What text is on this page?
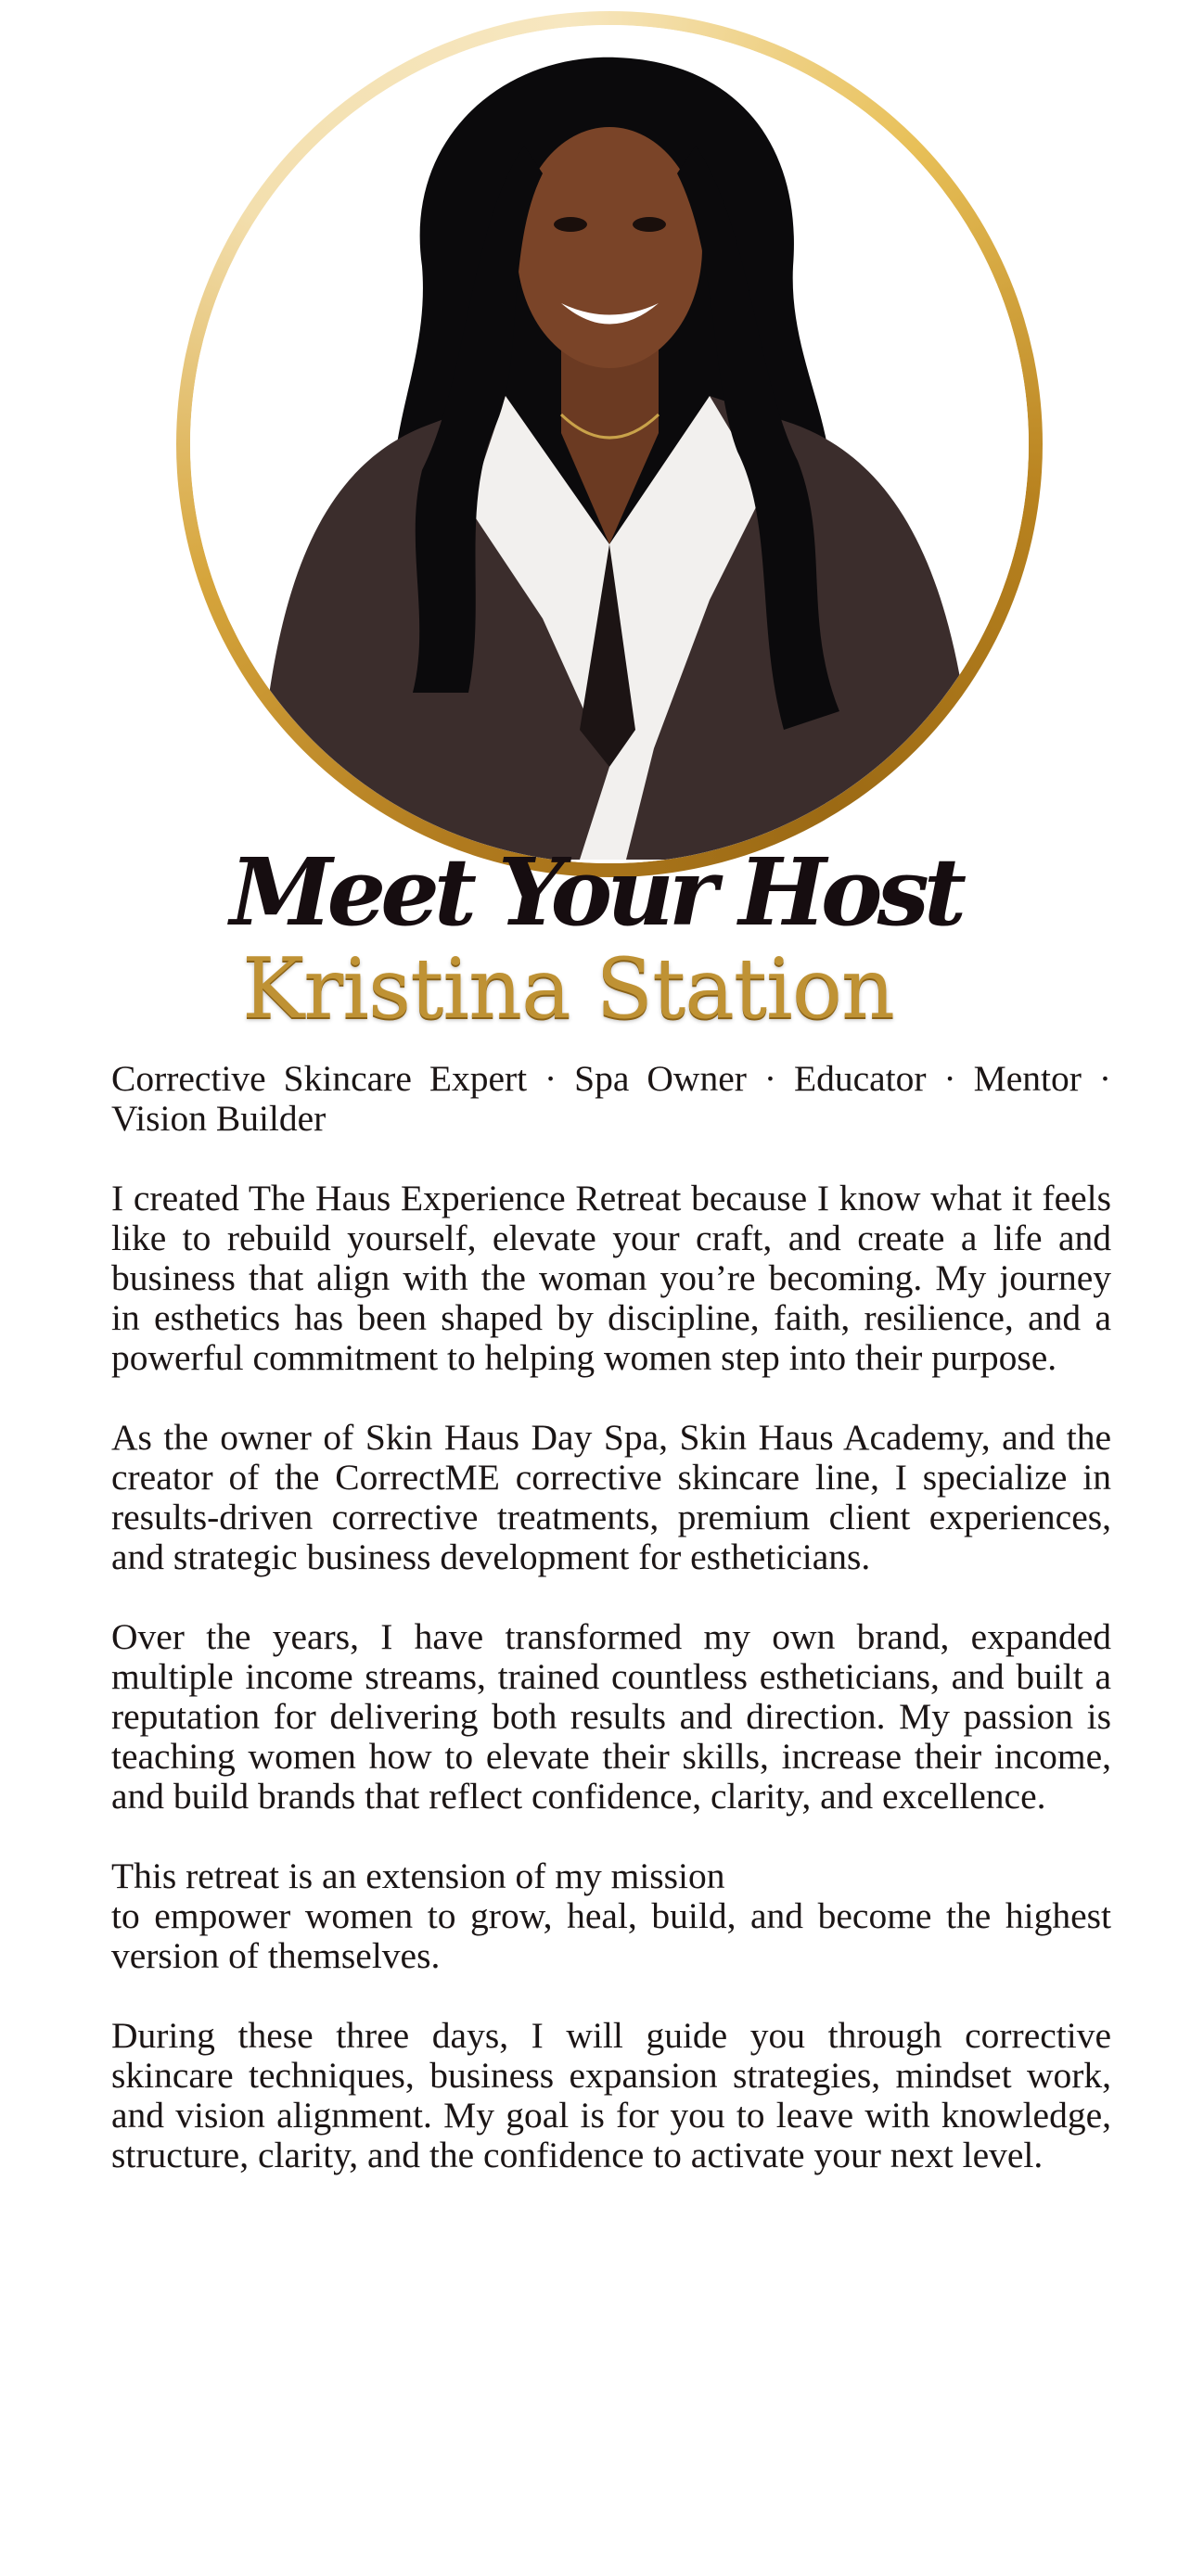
Meet Your Host
Kristina Station

Corrective Skincare Expert · Spa Owner · Educator · Mentor · Vision Builder

I created The Haus Experience Retreat because I know what it feels like to rebuild yourself, elevate your craft, and create a life and business that align with the woman you’re becoming. My journey in esthetics has been shaped by discipline, faith, resilience, and a powerful commitment to helping women step into their purpose.

As the owner of Skin Haus Day Spa, Skin Haus Academy, and the creator of the CorrectME corrective skincare line, I specialize in results-driven corrective treatments, premium client experiences, and strategic business development for estheticians.

Over the years, I have transformed my own brand, expanded multiple income streams, trained countless estheticians, and built a reputation for delivering both results and direction. My passion is teaching women how to elevate their skills, increase their income, and build brands that reflect confidence, clarity, and excellence.

This retreat is an extension of my mission
to empower women to grow, heal, build, and become the highest version of themselves.

During these three days, I will guide you through corrective skincare techniques, business expansion strategies, mindset work, and vision alignment. My goal is for you to leave with knowledge, structure, clarity, and the confidence to activate your next level.
